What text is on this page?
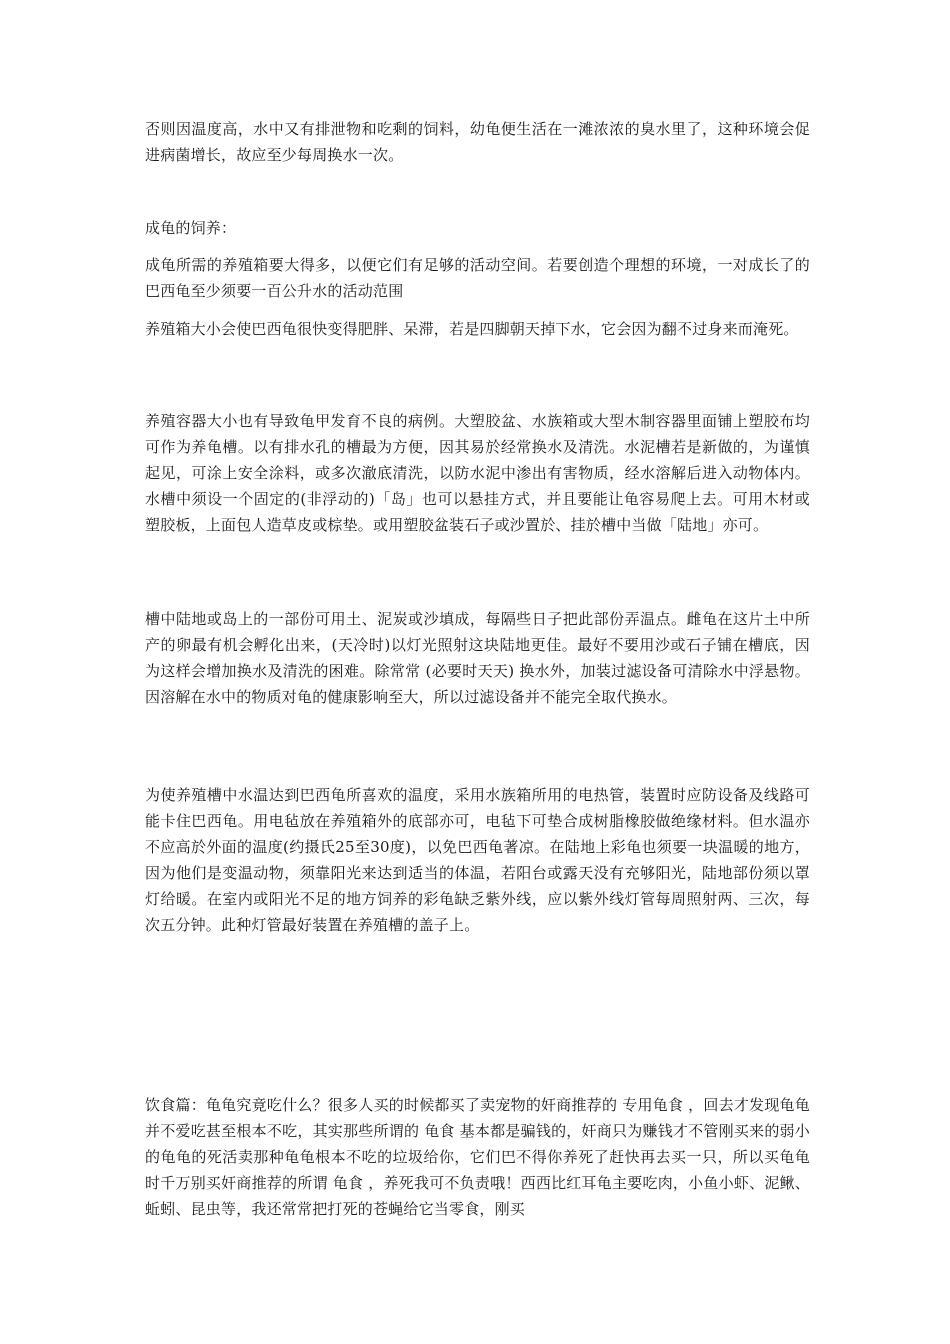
否则因温度高，水中又有排泄物和吃剩的饲料，幼龟便生活在一滩浓浓的臭水里了，这种环境会促进病菌增长，故应至少每周换水一次。

成龟的饲养：

成龟所需的养殖箱要大得多，以便它们有足够的活动空间。若要创造个理想的环境，一对成长了的巴西龟至少须要一百公升水的活动范围

养殖箱大小会使巴西龟很快变得肥胖、呆滞，若是四脚朝天掉下水，它会因为翻不过身来而淹死。

养殖容器大小也有导致龟甲发育不良的病例。大塑胶盆、水族箱或大型木制容器里面铺上塑胶布均可作为养龟槽。以有排水孔的槽最为方便，因其易於经常换水及清洗。水泥槽若是新做的，为谨慎起见，可涂上安全涂料，或多次澈底清洗，以防水泥中渗出有害物质，经水溶解后进入动物体内。水槽中须设一个固定的(非浮动的)「岛」也可以悬挂方式，并且要能让龟容易爬上去。可用木材或塑胶板，上面包人造草皮或棕垫。或用塑胶盆装石子或沙置於、挂於槽中当做「陆地」亦可。

槽中陆地或岛上的一部份可用土、泥炭或沙填成，每隔些日子把此部份弄温点。雌龟在这片土中所产的卵最有机会孵化出来，(天冷时)以灯光照射这块陆地更佳。最好不要用沙或石子铺在槽底，因为这样会增加换水及清洗的困难。除常常 (必要时天天) 换水外，加装过滤设备可清除水中浮悬物。因溶解在水中的物质对龟的健康影响至大，所以过滤设备并不能完全取代换水。

为使养殖槽中水温达到巴西龟所喜欢的温度，采用水族箱所用的电热管，装置时应防设备及线路可能卡住巴西龟。用电毡放在养殖箱外的底部亦可，电毡下可垫合成树脂橡胶做绝缘材料。但水温亦不应高於外面的温度(约摄氏25至30度)，以免巴西龟著凉。在陆地上彩龟也须要一块温暖的地方，因为他们是变温动物，须靠阳光来达到适当的体温，若阳台或露天没有充够阳光，陆地部份须以罩灯给暖。在室内或阳光不足的地方饲养的彩龟缺乏紫外线，应以紫外线灯管每周照射两、三次，每次五分钟。此种灯管最好装置在养殖槽的盖子上。

饮食篇：龟龟究竟吃什么？很多人买的时候都买了卖宠物的奸商推荐的 专用龟食 ，回去才发现龟龟并不爱吃甚至根本不吃，其实那些所谓的 龟食 基本都是骗钱的，奸商只为赚钱才不管刚买来的弱小的龟龟的死活卖那种龟龟根本不吃的垃圾给你，它们巴不得你养死了赶快再去买一只，所以买龟龟时千万别买奸商推荐的所谓 龟食 ，养死我可不负责哦！西西比红耳龟主要吃肉，小鱼小虾、泥鳅、蚯蚓、昆虫等，我还常常把打死的苍蝇给它当零食，刚买
